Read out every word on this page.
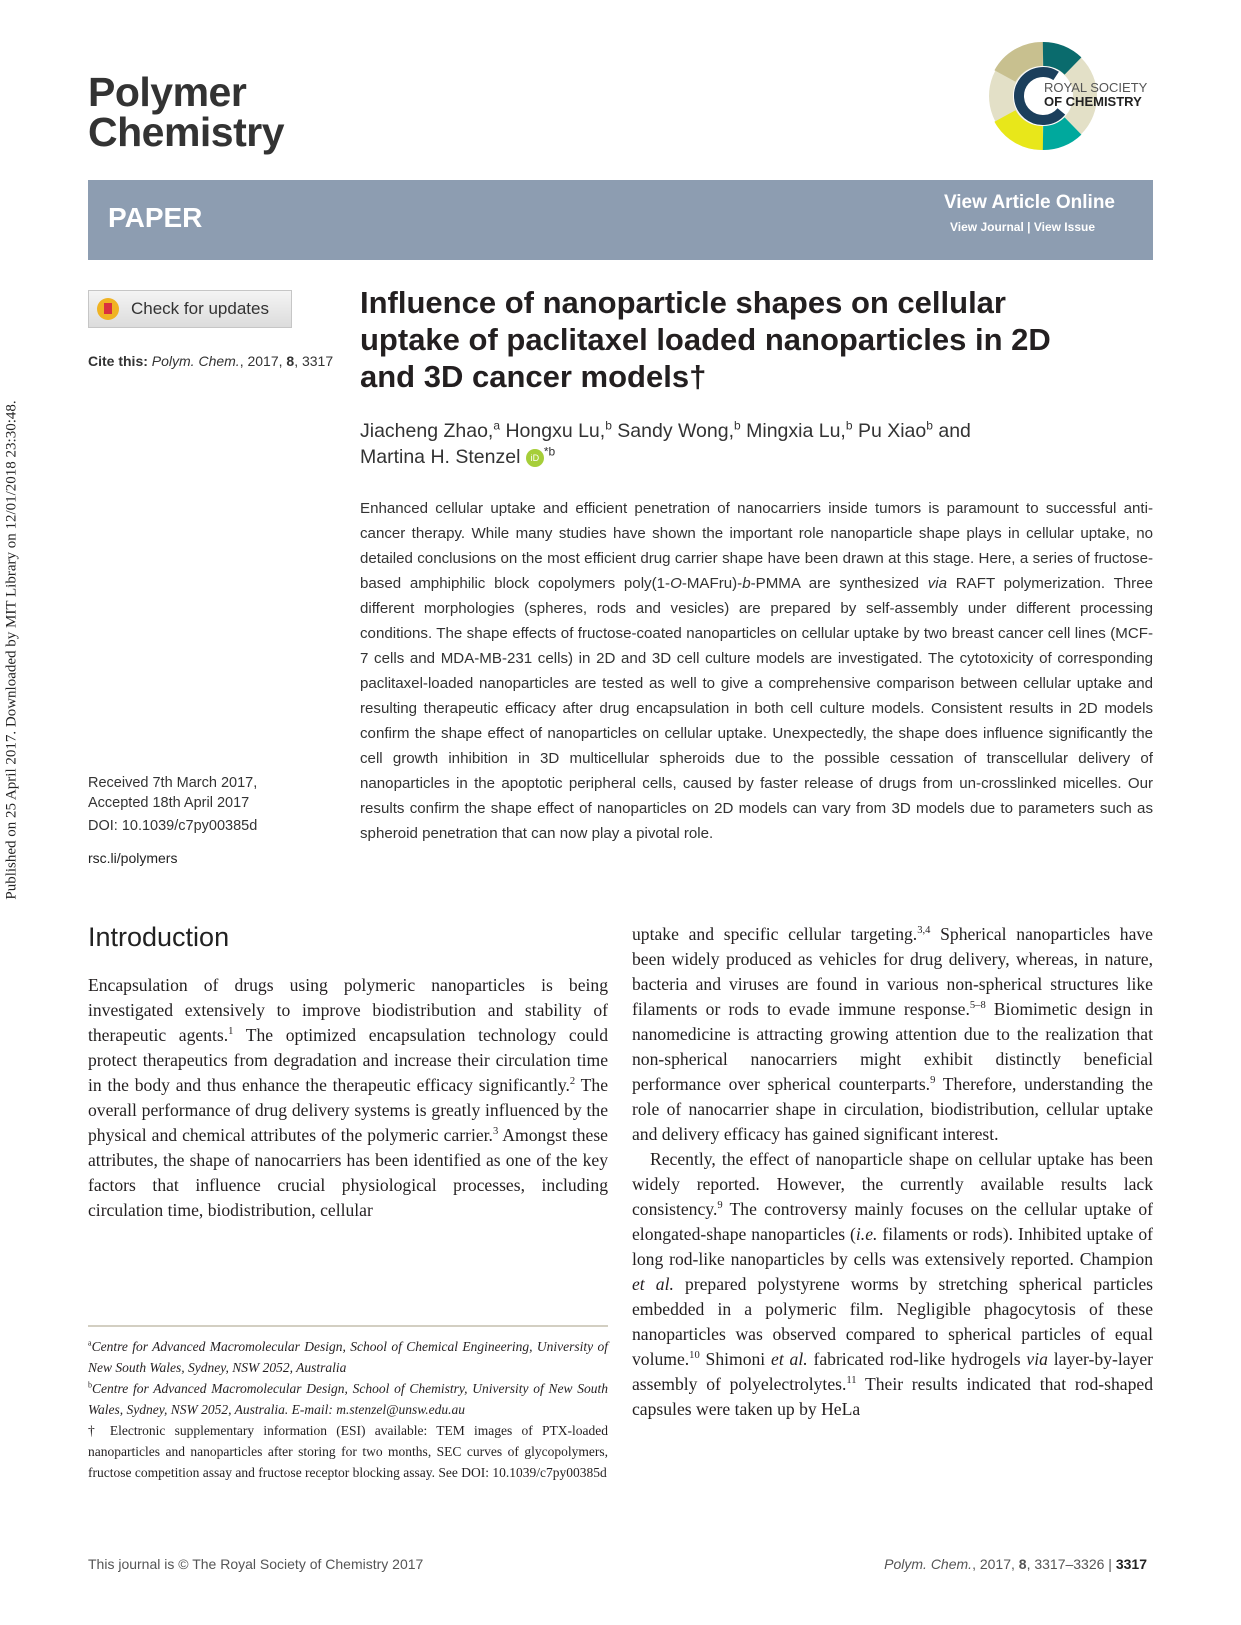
Published on 25 April 2017. Downloaded by MIT Library on 12/01/2018 23:30:48.
Polymer
Chemistry
ROYAL SOCIETY
OF CHEMISTRY
PAPER	View Article Online
View Journal | View Issue
Check for updates
Cite this: Polym. Chem., 2017, 8, 3317
Received 7th March 2017,
Accepted 18th April 2017
DOI: 10.1039/c7py00385d
rsc.li/polymers
Influence of nanoparticle shapes on cellular uptake of paclitaxel loaded nanoparticles in 2D and 3D cancer models†
Jiacheng Zhao,$^a$ Hongxu Lu,$^b$ Sandy Wong,$^b$ Mingxia Lu,$^b$ Pu Xiao$^b$ and
Martina H. Stenzel iD $^{*b}$
Enhanced cellular uptake and efficient penetration of nanocarriers inside tumors is paramount to successful anti-cancer therapy. While many studies have shown the important role nanoparticle shape plays in cellular uptake, no detailed conclusions on the most efficient drug carrier shape have been drawn at this stage. Here, a series of fructose-based amphiphilic block copolymers poly(1-O-MAFru)-b-PMMA are synthesized via RAFT polymerization. Three different morphologies (spheres, rods and vesicles) are prepared by self-assembly under different processing conditions. The shape effects of fructose-coated nanoparticles on cellular uptake by two breast cancer cell lines (MCF-7 cells and MDA-MB-231 cells) in 2D and 3D cell culture models are investigated. The cytotoxicity of corresponding paclitaxel-loaded nanoparticles are tested as well to give a comprehensive comparison between cellular uptake and resulting therapeutic efficacy after drug encapsulation in both cell culture models. Consistent results in 2D models confirm the shape effect of nanoparticles on cellular uptake. Unexpectedly, the shape does influence significantly the cell growth inhibition in 3D multicellular spheroids due to the possible cessation of transcellular delivery of nanoparticles in the apoptotic peripheral cells, caused by faster release of drugs from un-crosslinked micelles. Our results confirm the shape effect of nanoparticles on 2D models can vary from 3D models due to parameters such as spheroid penetration that can now play a pivotal role.
Introduction

Encapsulation of drugs using polymeric nanoparticles is being investigated extensively to improve biodistribution and stability of therapeutic agents.$^1$ The optimized encapsulation technology could protect therapeutics from degradation and increase their circulation time in the body and thus enhance the therapeutic efficacy significantly.$^2$ The overall performance of drug delivery systems is greatly influenced by the physical and chemical attributes of the polymeric carrier.$^3$ Amongst these attributes, the shape of nanocarriers has been identified as one of the key factors that influence crucial physiological processes, including circulation time, biodistribution, cellular

uptake and specific cellular targeting.$^{3,4}$ Spherical nanoparticles have been widely produced as vehicles for drug delivery, whereas, in nature, bacteria and viruses are found in various non-spherical structures like filaments or rods to evade immune response.$^{5-8}$ Biomimetic design in nanomedicine is attracting growing attention due to the realization that non-spherical nanocarriers might exhibit distinctly beneficial performance over spherical counterparts.$^9$ Therefore, understanding the role of nanocarrier shape in circulation, biodistribution, cellular uptake and delivery efficacy has gained significant interest.

Recently, the effect of nanoparticle shape on cellular uptake has been widely reported. However, the currently available results lack consistency.$^9$ The controversy mainly focuses on the cellular uptake of elongated-shape nanoparticles (i.e. filaments or rods). Inhibited uptake of long rod-like nanoparticles by cells was extensively reported. Champion et al. prepared polystyrene worms by stretching spherical particles embedded in a polymeric film. Negligible phagocytosis of these nanoparticles was observed compared to spherical particles of equal volume.$^{10}$ Shimoni et al. fabricated rod-like hydrogels via layer-by-layer assembly of polyelectrolytes.$^{11}$ Their results indicated that rod-shaped capsules were taken up by HeLa

$^a$Centre for Advanced Macromolecular Design, School of Chemical Engineering, University of New South Wales, Sydney, NSW 2052, Australia

$^b$Centre for Advanced Macromolecular Design, School of Chemistry, University of New South Wales, Sydney, NSW 2052, Australia. E-mail: m.stenzel@unsw.edu.au

† Electronic supplementary information (ESI) available: TEM images of PTX-loaded nanoparticles and nanoparticles after storing for two months, SEC curves of glycopolymers, fructose competition assay and fructose receptor blocking assay. See DOI: 10.1039/c7py00385d

This journal is © The Royal Society of Chemistry 2017	Polym. Chem., 2017, 8, 3317–3326 | 3317
